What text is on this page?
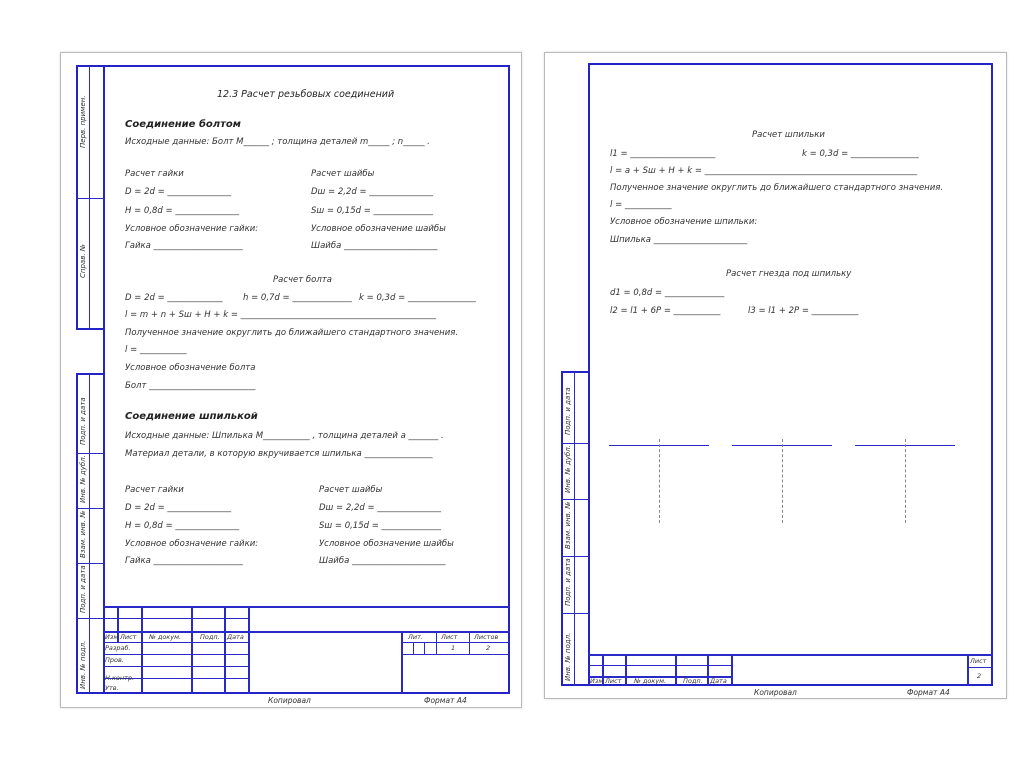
Перв. примен.
Справ. №
Подп. и дата
Инв. № дубл.
Взам. инв. №
Подп. и дата
Инв. № подл.
12.3 Расчет резьбовых соединений
Соединение болтом
Исходные данные: Болт М______ ; толщина деталей m_____ ; n_____ .
Расчет гайки	Расчет шайбы
D = 2d = _______________	Dш = 2,2d = _______________
H = 0,8d = _______________	Sш = 0,15d = ______________
Условное обозначение гайки:	Условное обозначение шайбы
Гайка _____________________	Шайба ______________________
Расчет болта
D = 2d = _____________ h = 0,7d = ______________ k = 0,3d = ________________
l = m + n + Sш + H + k = ______________________________________________
Полученное значение округлить до ближайшего стандартного значения.
l = ___________
Условное обозначение болта
Болт _________________________
Соединение шпилькой
Исходные данные: Шпилька М___________ , толщина деталей a _______ .
Материал детали, в которую вкручивается шпилька ________________
Расчет гайки	Расчет шайбы
D = 2d = _______________	Dш = 2,2d = _______________
H = 0,8d = _______________	Sш = 0,15d = ______________
Условное обозначение гайки:	Условное обозначение шайбы
Гайка _____________________	Шайба ______________________
Изм Лист № докум.	Подп. Дата
Разраб.
Пров.
Н.контр.
Утв.
Лит.	Лист	Листов
1	2
Копировал	Формат А4
Подп. и дата
Инв. № дубл.
Взам. инв. №
Подп. и дата
Инв. № подл.
Расчет шпильки
l1 = ____________________	k = 0,3d = ________________
l = a + Sш + H + k = __________________________________________________
Полученное значение округлить до ближайшего стандартного значения.
l = ___________
Условное обозначение шпильки:
Шпилька ______________________
Расчет гнезда под шпильку
d1 = 0,8d = ______________
l2 = l1 + 6P = ___________	l3 = l1 + 2P = ___________
Изм Лист № докум.	Подп. Дата
Лист
2
Копировал	Формат А4
